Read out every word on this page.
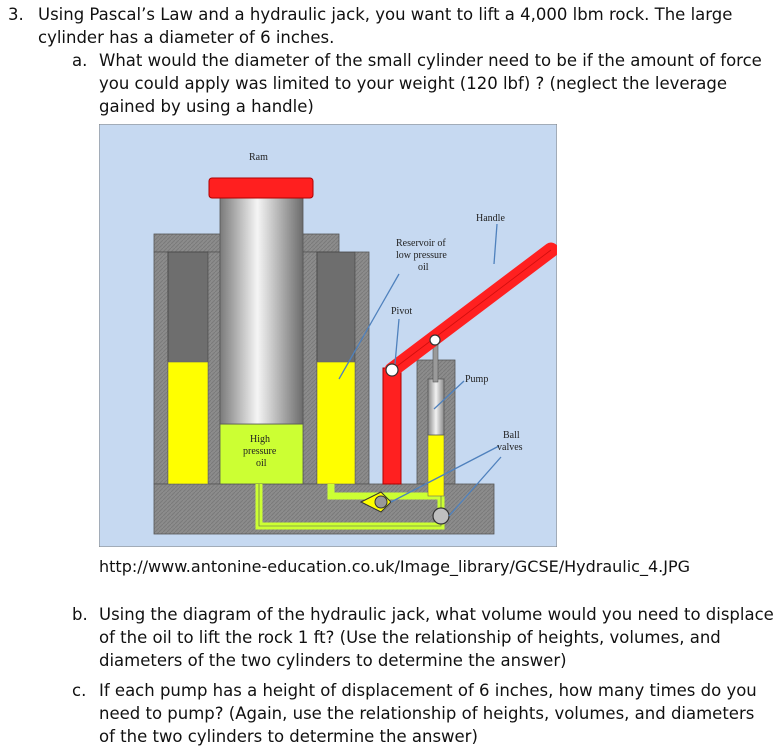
3. Using Pascal’s Law and a hydraulic jack, you want to lift a 4,000 lbm rock. The large
cylinder has a diameter of 6 inches.
a. What would the diameter of the small cylinder need to be if the amount of force
you could apply was limited to your weight (120 lbf) ? (neglect the leverage
gained by using a handle)
Ram
Handle
Reservoir of
low pressure
oil
Pivot
Pump
High
pressure
oil
Ball
valves
http://www.antonine-education.co.uk/Image_library/GCSE/Hydraulic_4.JPG
b. Using the diagram of the hydraulic jack, what volume would you need to displace
of the oil to lift the rock 1 ft? (Use the relationship of heights, volumes, and
diameters of the two cylinders to determine the answer)
c. If each pump has a height of displacement of 6 inches, how many times do you
need to pump? (Again, use the relationship of heights, volumes, and diameters
of the two cylinders to determine the answer)
